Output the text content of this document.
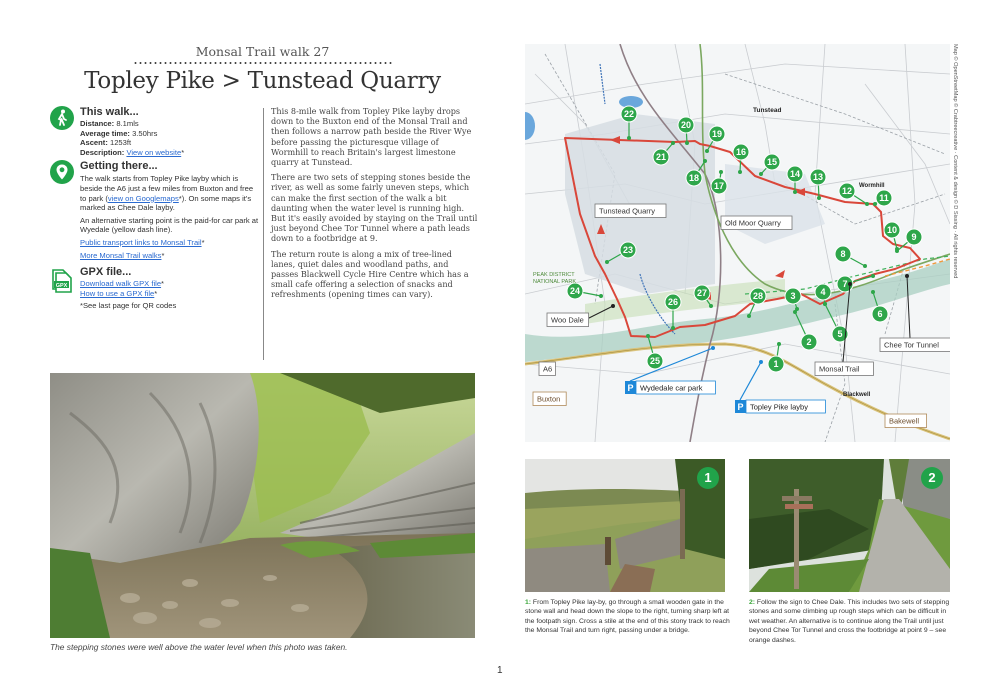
Monsal Trail walk 27
Topley Pike > Tunstead Quarry
This walk...
Distance: 8.1mls
Average time: 3.50hrs
Ascent: 1253ft
Description: View on website*
Getting there...
The walk starts from Topley Pike layby which is beside the A6 just a few miles from Buxton and free to park (view on Googlemaps*). On some maps it's marked as Chee Dale layby.
An alternative starting point is the paid-for car park at Wyedale (yellow dash line).
Public transport links to Monsal Trail*
More Monsal Trail walks*
GPX
GPX file...
Download walk GPX file*
How to use a GPX file*
*See last page for QR codes

This 8-mile walk from Topley Pike layby drops down to the Buxton end of the Monsal Trail and then follows a narrow path beside the River Wye before passing the picturesque village of Wormhill to reach Britain's largest limestone quarry at Tunstead.

There are two sets of stepping stones beside the river, as well as some fairly uneven steps, which can make the first section of the walk a bit daunting when the water level is running high. But it's easily avoided by staying on the Trail until just beyond Chee Tor Tunnel where a path leads down to a footbridge at 9.

The return route is along a mix of tree-lined lanes, quiet dales and woodland paths, and passes Blackwell Cycle Hire Centre which has a small cafe offering a selection of snacks and refreshments (opening times can vary).

The stepping stones were well above the water level when this photo was taken.
1
1
2
3	4
5
6
7
8
9
10
11
12
13
14
15
16
17
18
19
20
21
22
23
24
25
26
27	28
Tunstead Quarry
Old Moor Quarry
PEAK DISTRICT
NATIONAL PARK
Woo Dale
A6
Buxton
Monsal Trail
Chee Tor Tunnel
Bakewell
Tunstead
Wormhill
Blackwell
P Wydedale car park
P Topley Pike layby
Map © OpenStreetMap © Crabtreecreative · Content & design © D Sissing · All rights reserved
1	2
1: From Topley Pike lay-by, go through a small wooden gate in the stone wall and head down the slope to the right, turning sharp left at the footpath sign. Cross a stile at the end of this stony track to reach the Monsal Trail and turn right, passing under a bridge.
2: Follow the sign to Chee Dale. This includes two sets of stepping stones and some climbing up rough steps which can be difficult in wet weather. An alternative is to continue along the Trail until just beyond Chee Tor Tunnel and cross the footbridge at point 9 – see orange dashes.
